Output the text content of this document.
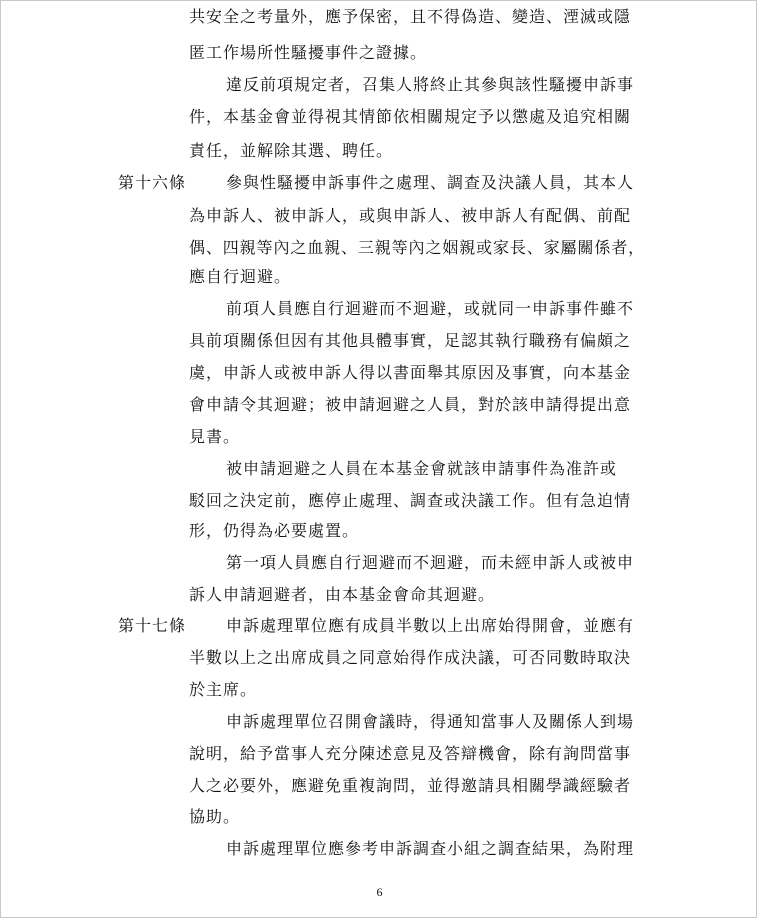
共安全之考量外，應予保密，且不得偽造、變造、湮滅或隱
匿工作場所性騷擾事件之證據。
違反前項規定者，召集人將終止其參與該性騷擾申訴事
件，本基金會並得視其情節依相關規定予以懲處及追究相關
責任，並解除其選、聘任。
第十六條 參與性騷擾申訴事件之處理、調查及決議人員，其本人
為申訴人、被申訴人，或與申訴人、被申訴人有配偶、前配
偶、四親等內之血親、三親等內之姻親或家長、家屬關係者，
應自行迴避。
前項人員應自行迴避而不迴避，或就同一申訴事件雖不
具前項關係但因有其他具體事實，足認其執行職務有偏頗之
虞，申訴人或被申訴人得以書面舉其原因及事實，向本基金
會申請令其迴避；被申請迴避之人員，對於該申請得提出意
見書。
被申請迴避之人員在本基金會就該申請事件為准許或
駁回之決定前，應停止處理、調查或決議工作。但有急迫情
形，仍得為必要處置。
第一項人員應自行迴避而不迴避，而未經申訴人或被申
訴人申請迴避者，由本基金會命其迴避。
第十七條 申訴處理單位應有成員半數以上出席始得開會，並應有
半數以上之出席成員之同意始得作成決議，可否同數時取決
於主席。
申訴處理單位召開會議時，得通知當事人及關係人到場
說明，給予當事人充分陳述意見及答辯機會，除有詢問當事
人之必要外，應避免重複詢問，並得邀請具相關學識經驗者
協助。
申訴處理單位應參考申訴調查小組之調查結果，為附理
6
